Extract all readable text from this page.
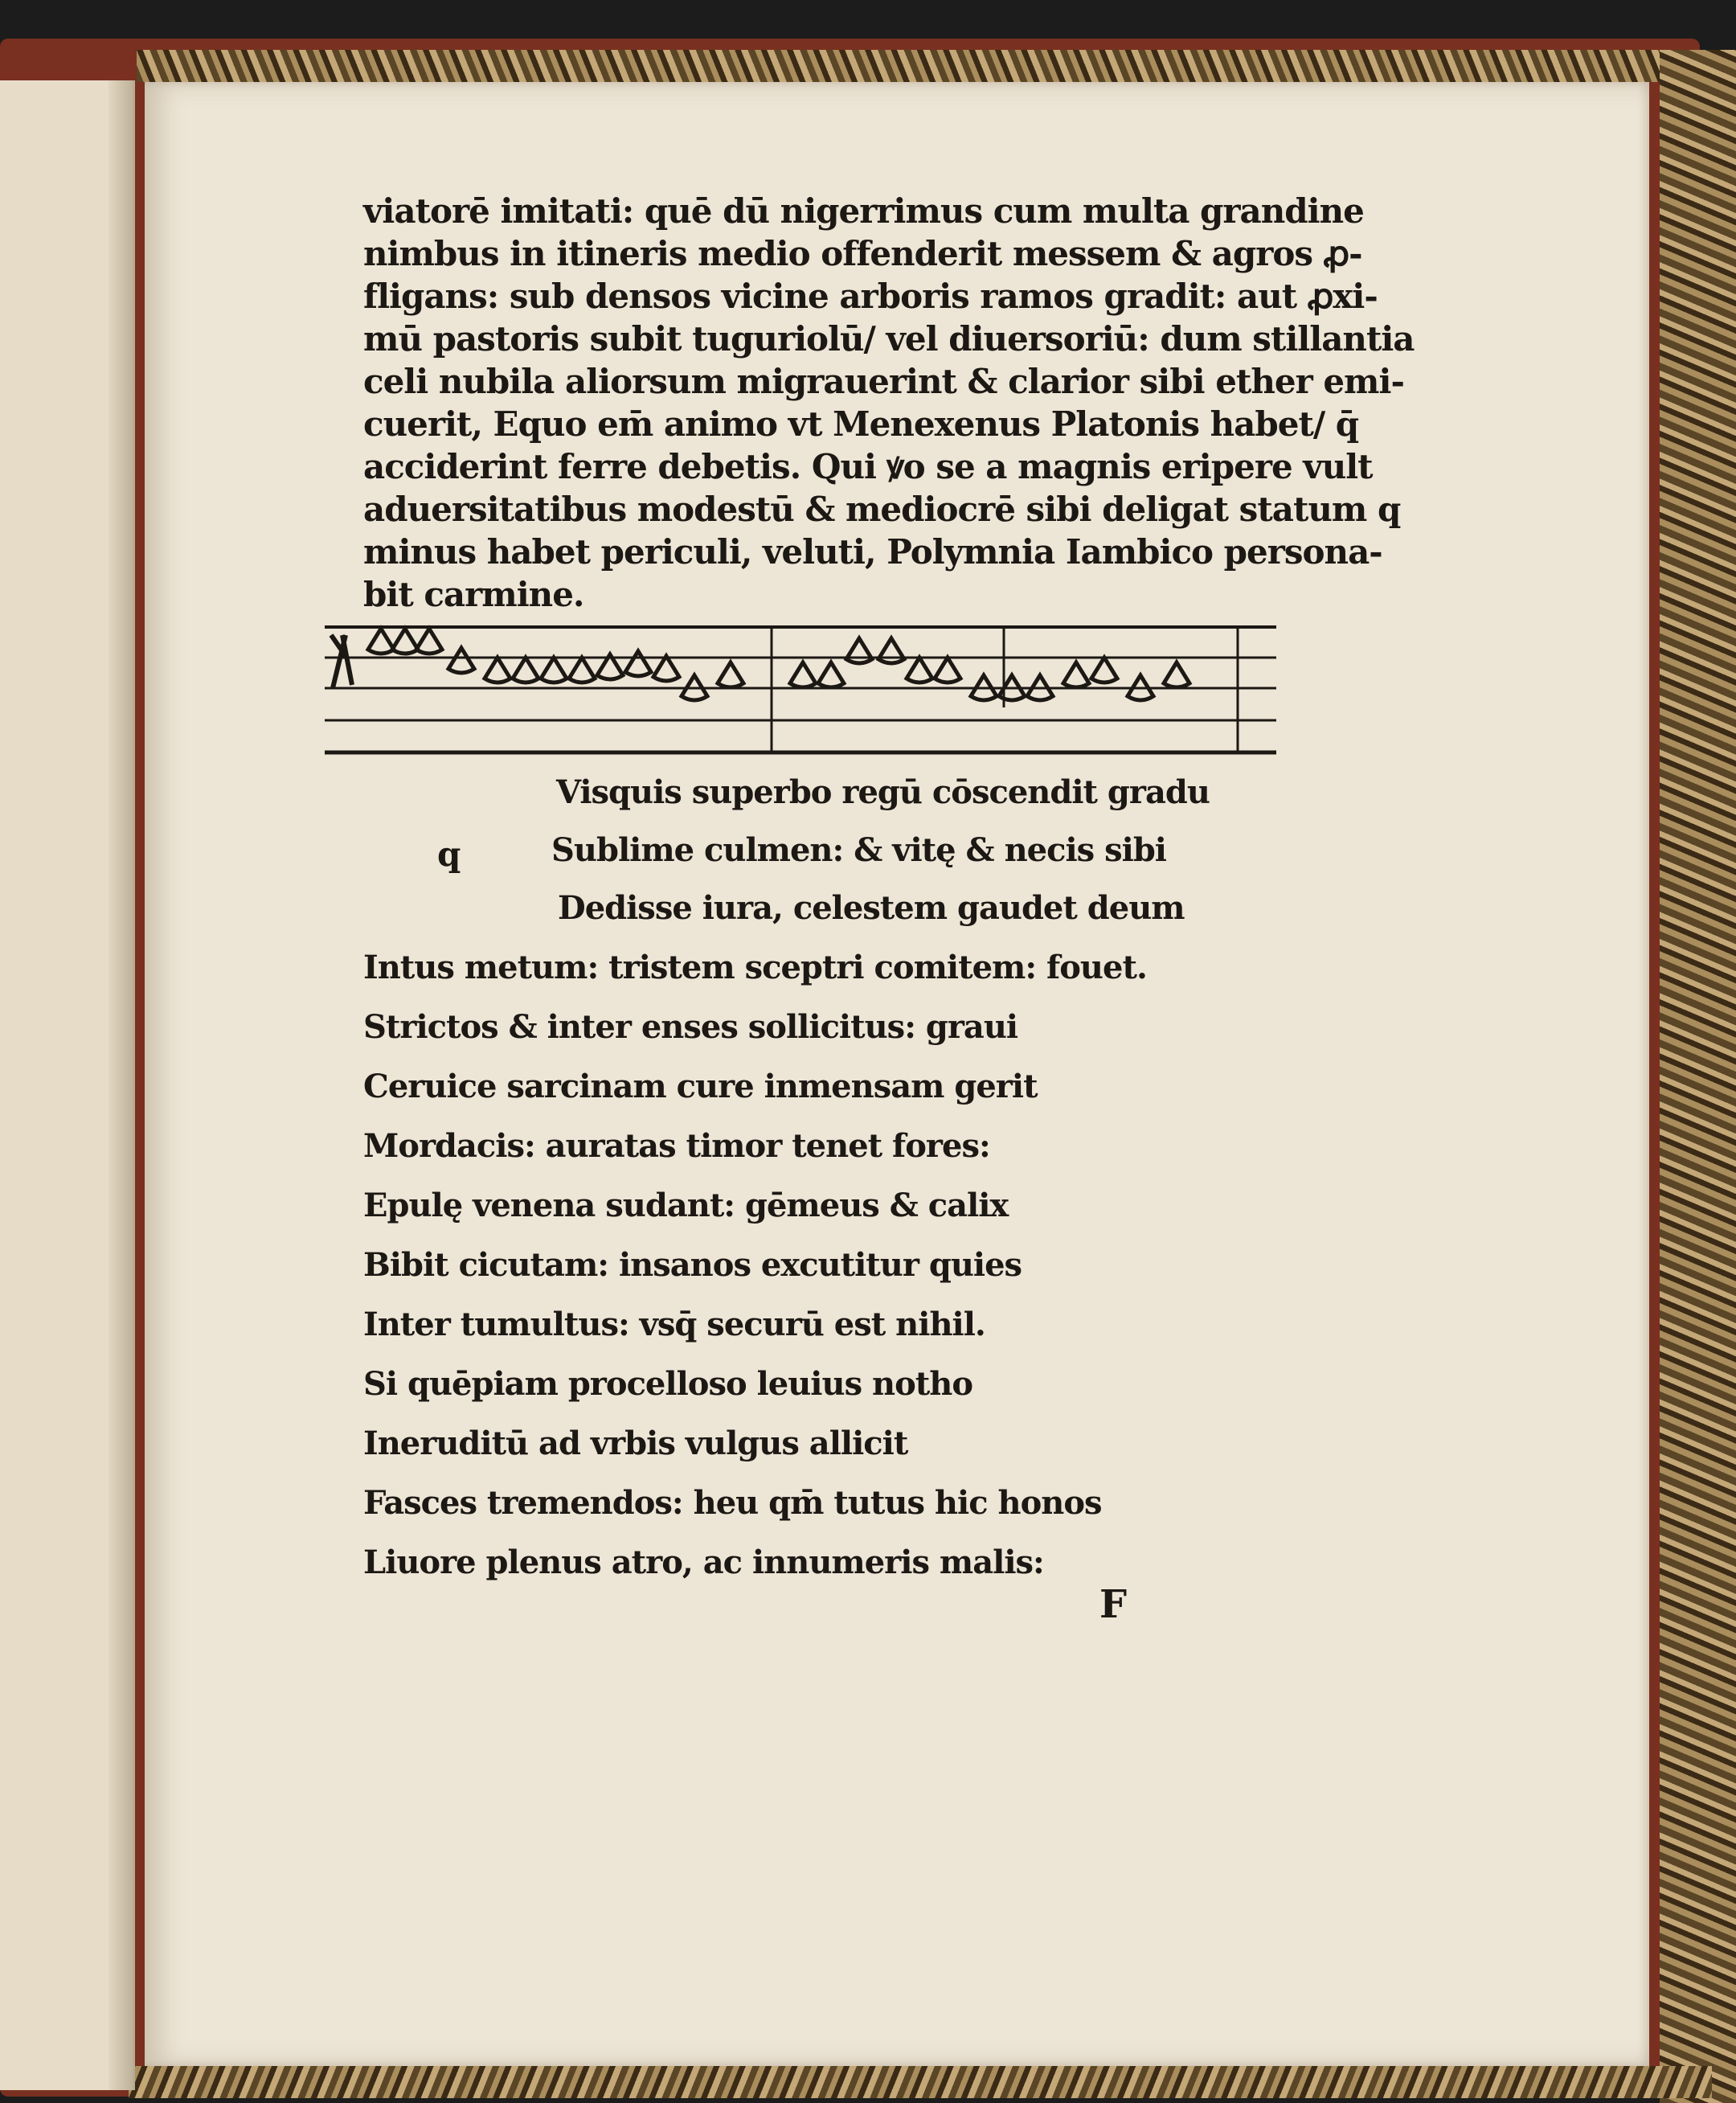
viatorē imitati: quē dū nigerrimus cum multa grandine
nimbus in itineris medio offenderit messem & agros ꝓ-
fligans: sub densos vicine arboris ramos gradit: aut ꝓxi-
mū pastoris subit tuguriolū/ vel diuersoriū: dum stillantia
celi nubila aliorsum migrauerint & clarior sibi ether emi-
cuerit, Equo em̄ animo vt Menexenus Platonis habet/ q̄
acciderint ferre debetis. Qui ꝟo se a magnis eripere vult
aduersitatibus modestū & mediocrē sibi deligat statum q
minus habet periculi, veluti, Polymnia Iambico persona-
bit carmine.
q
Visquis superbo regū cōscendit gradu
Sublime culmen: & vitę & necis sibi
Dedisse iura, celestem gaudet deum
Intus metum: tristem sceptri comitem: fouet.
Strictos & inter enses sollicitus: graui
Ceruice sarcinam cure inmensam gerit
Mordacis: auratas timor tenet fores:
Epulę venena sudant: gēmeus & calix
Bibit cicutam: insanos excutitur quies
Inter tumultus: vsq̄ securū est nihil.
Si quēpiam procelloso leuius notho
Ineruditū ad vrbis vulgus allicit
Fasces tremendos: heu qm̄ tutus hic honos
Liuore plenus atro, ac innumeris malis:
F
